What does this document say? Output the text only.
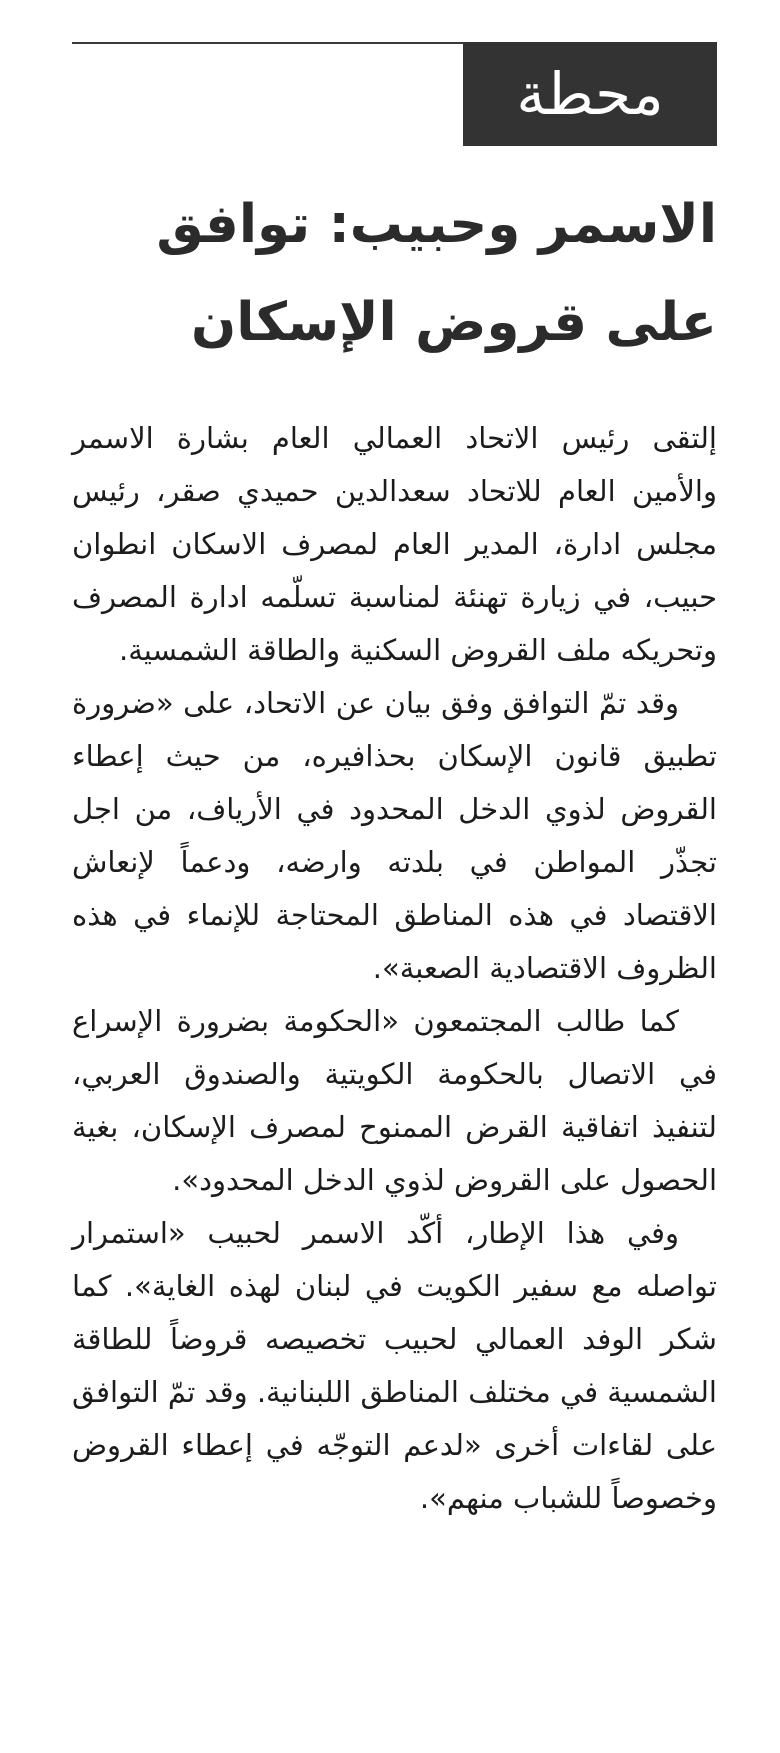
محطة
الاسمر وحبيب: توافق على قروض الإسكان

إلتقى رئيس الاتحاد العمالي العام بشارة الاسمر والأمين العام للاتحاد سعدالدين حميدي صقر، رئيس مجلس ادارة، المدير العام لمصرف الاسكان انطوان حبيب، في زيارة تهنئة لمناسبة تسلّمه ادارة المصرف وتحريكه ملف القروض السكنية والطاقة الشمسية.

وقد تمّ التوافق وفق بيان عن الاتحاد، على «ضرورة تطبيق قانون الإسكان بحذافيره، من حيث إعطاء القروض لذوي الدخل المحدود في الأرياف، من اجل تجذّر المواطن في بلدته وارضه، ودعماً لإنعاش الاقتصاد في هذه المناطق المحتاجة للإنماء في هذه الظروف الاقتصادية الصعبة».

كما طالب المجتمعون «الحكومة بضرورة الإسراع في الاتصال بالحكومة الكويتية والصندوق العربي، لتنفيذ اتفاقية القرض الممنوح لمصرف الإسكان، بغية الحصول على القروض لذوي الدخل المحدود».

وفي هذا الإطار، أكّد الاسمر لحبيب «استمرار تواصله مع سفير الكويت في لبنان لهذه الغاية». كما شكر الوفد العمالي لحبيب تخصيصه قروضاً للطاقة الشمسية في مختلف المناطق اللبنانية. وقد تمّ التوافق على لقاءات أخرى «لدعم التوجّه في إعطاء القروض وخصوصاً للشباب منهم».
